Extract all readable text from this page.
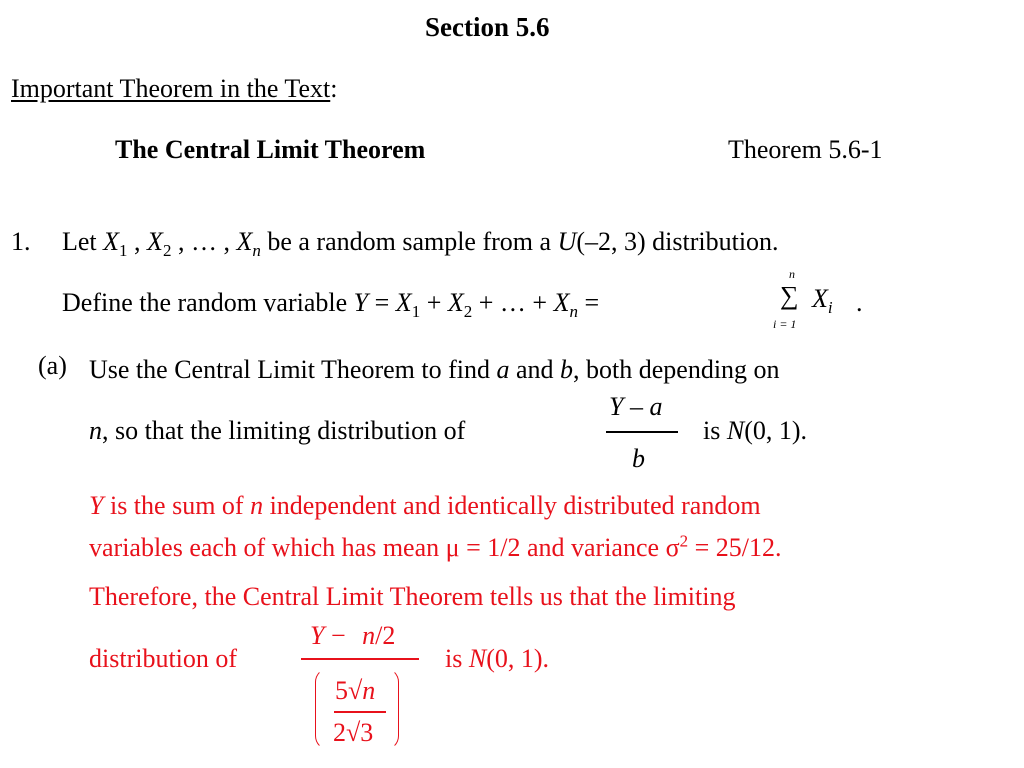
Section 5.6
Important Theorem in the Text:
The Central Limit Theorem	Theorem 5.6-1
1. Let $X_1$ , $X_2$ , … , $X_n$ be a random sample from a U(–2, 3) distribution.
Define the random variable $Y = X_1 + X_2$ + … + $X_n$ =
n
∑
i = 1
$X_i$ .
(a) Use the Central Limit Theorem to find a and b, both depending on
n, so that the limiting distribution of
Y – a
b
is N(0, 1).
Y is the sum of n independent and identically distributed random
variables each of which has mean μ = 1/2 and variance $\sigma^2 = 25/12$.
Therefore, the Central Limit Theorem tells us that the limiting
distribution of
Y − n/2
5√n
2√3
is N(0, 1).
